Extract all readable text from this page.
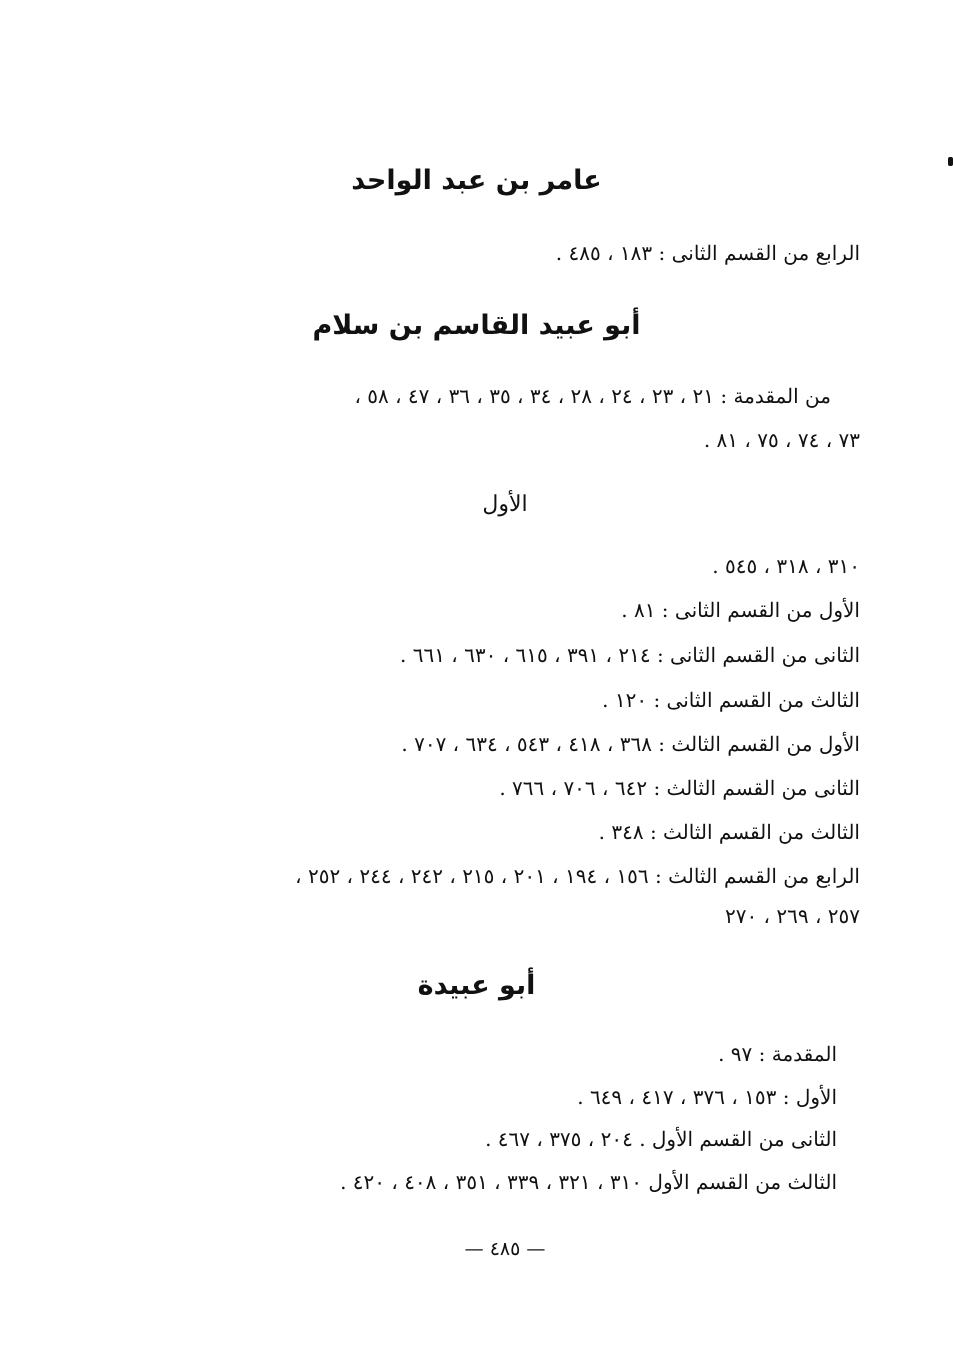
عامر بن عبد الواحد
الرابع من القسم الثانى : ١٨٣ ، ٤٨٥ .
أبو عبيد القاسم بن سلام
من المقدمة : ٢١ ، ٢٣ ، ٢٤ ، ٢٨ ، ٣٤ ، ٣٥ ، ٣٦ ، ٤٧ ، ٥٨ ،
٧٣ ، ٧٤ ، ٧٥ ، ٨١ .
الأول
٣١٠ ، ٣١٨ ، ٥٤٥ .
الأول من القسم الثانى : ٨١ .
الثانى من القسم الثانى : ٢١٤ ، ٣٩١ ، ٦١٥ ، ٦٣٠ ، ٦٦١ .
الثالث من القسم الثانى : ١٢٠ .
الأول من القسم الثالث : ٣٦٨ ، ٤١٨ ، ٥٤٣ ، ٦٣٤ ، ٧٠٧ .
الثانى من القسم الثالث : ٦٤٢ ، ٧٠٦ ، ٧٦٦ .
الثالث من القسم الثالث : ٣٤٨ .
الرابع من القسم الثالث : ١٥٦ ، ١٩٤ ، ٢٠١ ، ٢١٥ ، ٢٤٢ ، ٢٤٤ ، ٢٥٢ ،
٢٥٧ ، ٢٦٩ ، ٢٧٠
أبو عبيدة
المقدمة : ٩٧ .
الأول : ١٥٣ ، ٣٧٦ ، ٤١٧ ، ٦٤٩ .
الثانى من القسم الأول . ٢٠٤ ، ٣٧٥ ، ٤٦٧ .
الثالث من القسم الأول ٣١٠ ، ٣٢١ ، ٣٣٩ ، ٣٥١ ، ٤٠٨ ، ٤٢٠ .
— ٤٨٥ —
